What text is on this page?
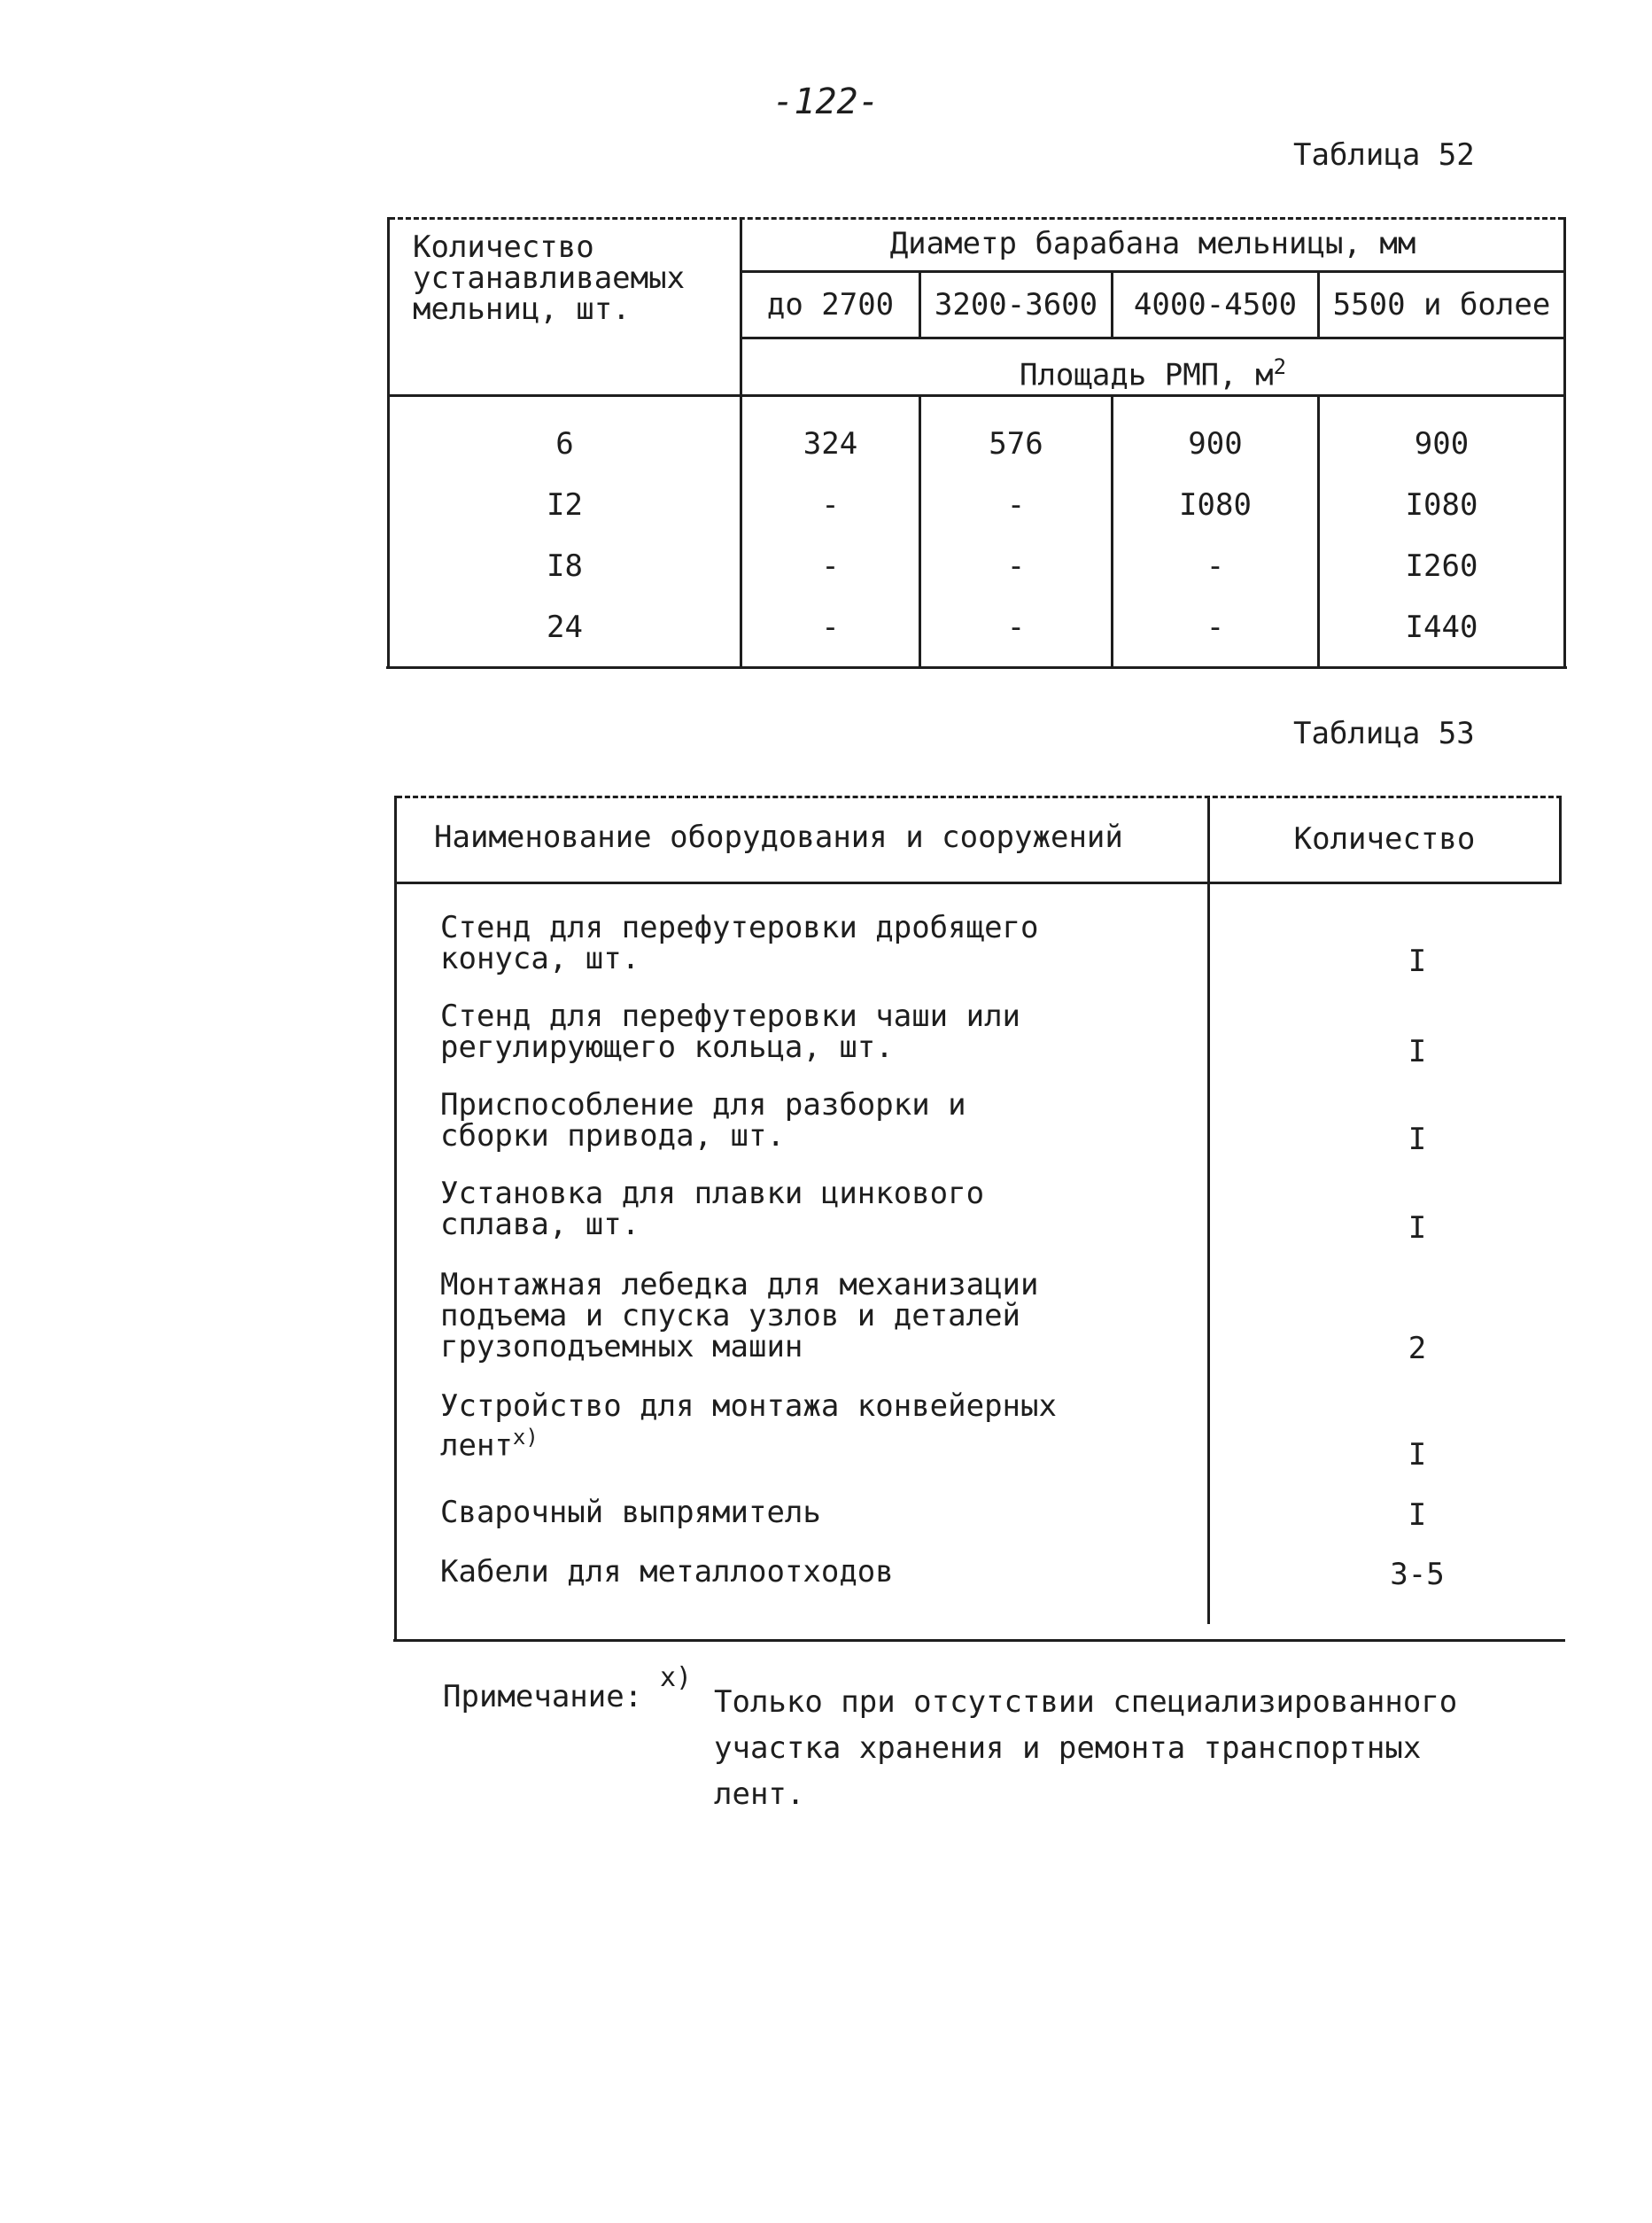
-122-
Таблица 52
Количество
устанавливаемых
мельниц, шт.
Диаметр барабана мельницы, мм
до 2700	3200-3600	4000-4500	5500 и более
Площадь РМП, $м^2$
6	324	576	900	900
I2	-	-	I080	I080
I8	-	-	-	I260
24	-	-	-	I440
Таблица 53
Наименование оборудования и сооружений	Количество
Стенд для перефутеровки дробящего
конуса, шт.	I
Стенд для перефутеровки чаши или
регулирующего кольца, шт.	I
Приспособление для разборки и
сборки привода, шт.	I
Установка для плавки цинкового
сплава, шт.	I
Монтажная лебедка для механизации
подъема и спуска узлов и деталей
грузоподъемных машин	2
Устройство для монтажа конвейерных
лент$^{x)}$	I
Сварочный выпрямитель	I
Кабели для металлоотходов	3-5
Примечание:
x)
Только при отсутствии специализированного
участка хранения и ремонта транспортных
лент.
